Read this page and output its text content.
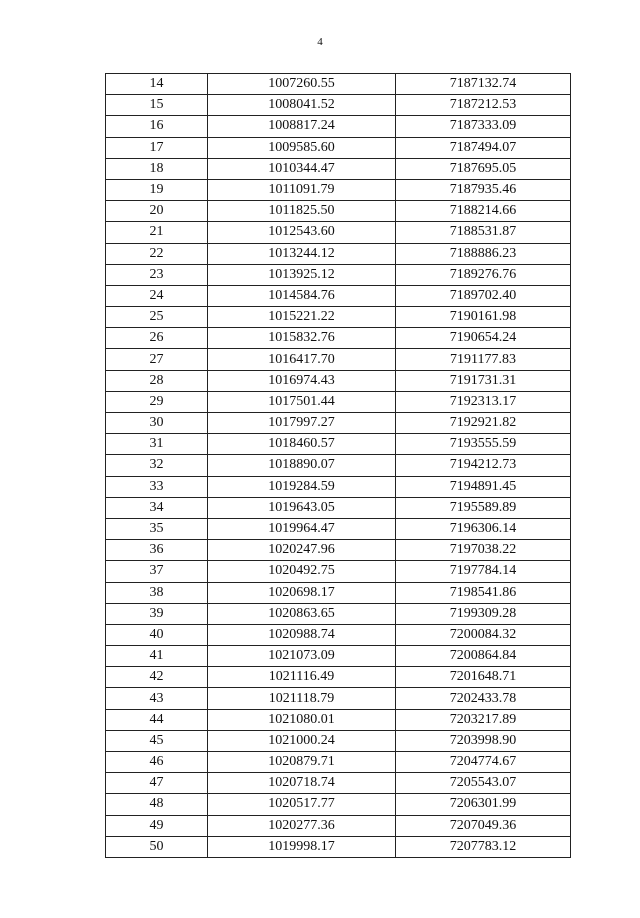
4
14	1007260.55	7187132.74
15	1008041.52	7187212.53
16	1008817.24	7187333.09
17	1009585.60	7187494.07
18	1010344.47	7187695.05
19	1011091.79	7187935.46
20	1011825.50	7188214.66
21	1012543.60	7188531.87
22	1013244.12	7188886.23
23	1013925.12	7189276.76
24	1014584.76	7189702.40
25	1015221.22	7190161.98
26	1015832.76	7190654.24
27	1016417.70	7191177.83
28	1016974.43	7191731.31
29	1017501.44	7192313.17
30	1017997.27	7192921.82
31	1018460.57	7193555.59
32	1018890.07	7194212.73
33	1019284.59	7194891.45
34	1019643.05	7195589.89
35	1019964.47	7196306.14
36	1020247.96	7197038.22
37	1020492.75	7197784.14
38	1020698.17	7198541.86
39	1020863.65	7199309.28
40	1020988.74	7200084.32
41	1021073.09	7200864.84
42	1021116.49	7201648.71
43	1021118.79	7202433.78
44	1021080.01	7203217.89
45	1021000.24	7203998.90
46	1020879.71	7204774.67
47	1020718.74	7205543.07
48	1020517.77	7206301.99
49	1020277.36	7207049.36
50	1019998.17	7207783.12
